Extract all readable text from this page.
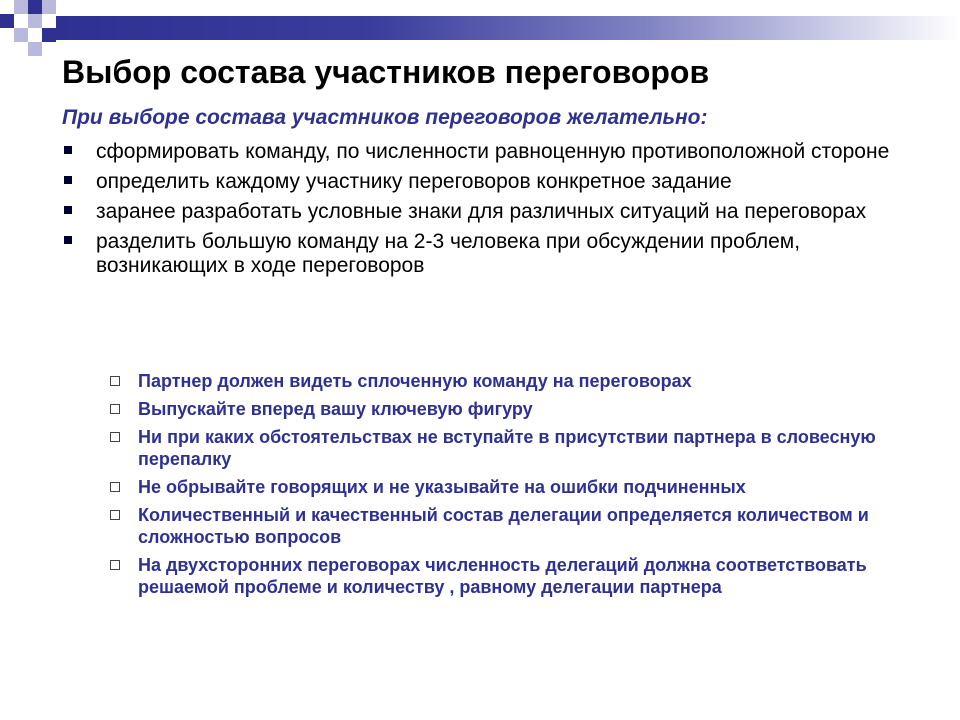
Выбор состава участников переговоров
При выборе состава участников переговоров желательно:
сформировать команду, по численности равноценную противоположной стороне
определить каждому участнику переговоров конкретное задание
заранее разработать условные знаки для различных ситуаций на переговорах
разделить большую команду на 2-3 человека при обсуждении проблем, возникающих в ходе переговоров
Партнер должен видеть сплоченную команду на переговорах
Выпускайте вперед вашу ключевую фигуру
Ни при каких обстоятельствах не вступайте в присутствии партнера в словесную перепалку
Не обрывайте говорящих и не указывайте на ошибки подчиненных
Количественный и качественный состав делегации определяется количеством и сложностью вопросов
На двухсторонних переговорах численность делегаций должна соответствовать решаемой проблеме и количеству , равному делегации партнера
